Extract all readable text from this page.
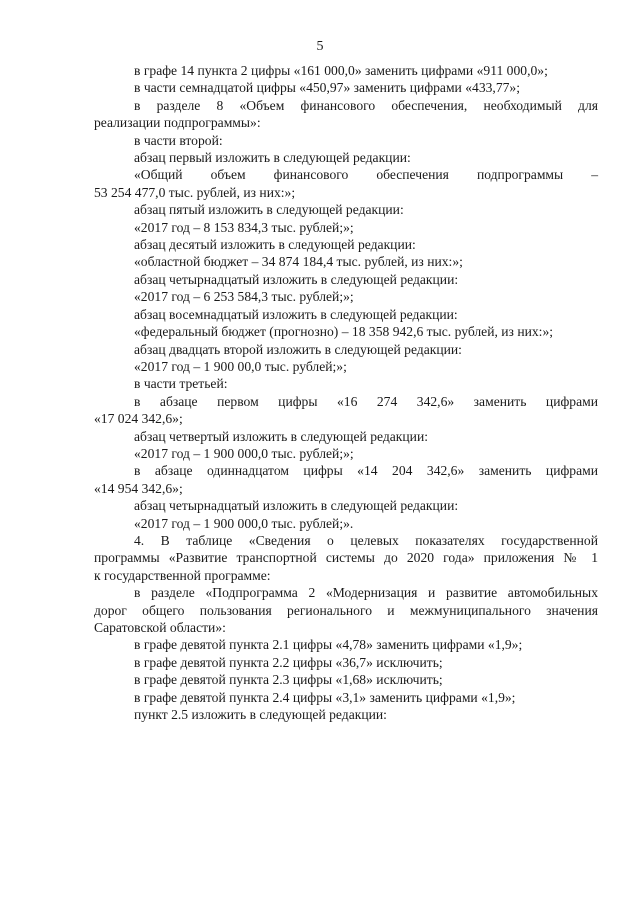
5

в графе 14 пункта 2 цифры «161 000,0» заменить цифрами «911 000,0»;

в части семнадцатой цифры «450,97» заменить цифрами «433,77»;

в разделе 8 «Объем финансового обеспечения, необходимый для

реализации подпрограммы»:

в части второй:

абзац первый изложить в следующей редакции:

«Общий объем финансового обеспечения подпрограммы –

53 254 477,0 тыс. рублей, из них:»;

абзац пятый изложить в следующей редакции:

«2017 год – 8 153 834,3 тыс. рублей;»;

абзац десятый изложить в следующей редакции:

«областной бюджет – 34 874 184,4 тыс. рублей, из них:»;

абзац четырнадцатый изложить в следующей редакции:

«2017 год – 6 253 584,3 тыс. рублей;»;

абзац восемнадцатый изложить в следующей редакции:

«федеральный бюджет (прогнозно) – 18 358 942,6 тыс. рублей, из них:»;

абзац двадцать второй изложить в следующей редакции:

«2017 год – 1 900 00,0 тыс. рублей;»;

в части третьей:

в абзаце первом цифры «16 274 342,6» заменить цифрами

«17 024 342,6»;

абзац четвертый изложить в следующей редакции:

«2017 год – 1 900 000,0 тыс. рублей;»;

в абзаце одиннадцатом цифры «14 204 342,6» заменить цифрами

«14 954 342,6»;

абзац четырнадцатый изложить в следующей редакции:

«2017 год – 1 900 000,0 тыс. рублей;».

4. В таблице «Сведения о целевых показателях государственной

программы «Развитие транспортной системы до 2020 года» приложения № 1

к государственной программе:

в разделе «Подпрограмма 2 «Модернизация и развитие автомобильных

дорог общего пользования регионального и межмуниципального значения

Саратовской области»:

в графе девятой пункта 2.1 цифры «4,78» заменить цифрами «1,9»;

в графе девятой пункта 2.2 цифры «36,7» исключить;

в графе девятой пункта 2.3 цифры «1,68» исключить;

в графе девятой пункта 2.4 цифры «3,1» заменить цифрами «1,9»;

пункт 2.5 изложить в следующей редакции:
